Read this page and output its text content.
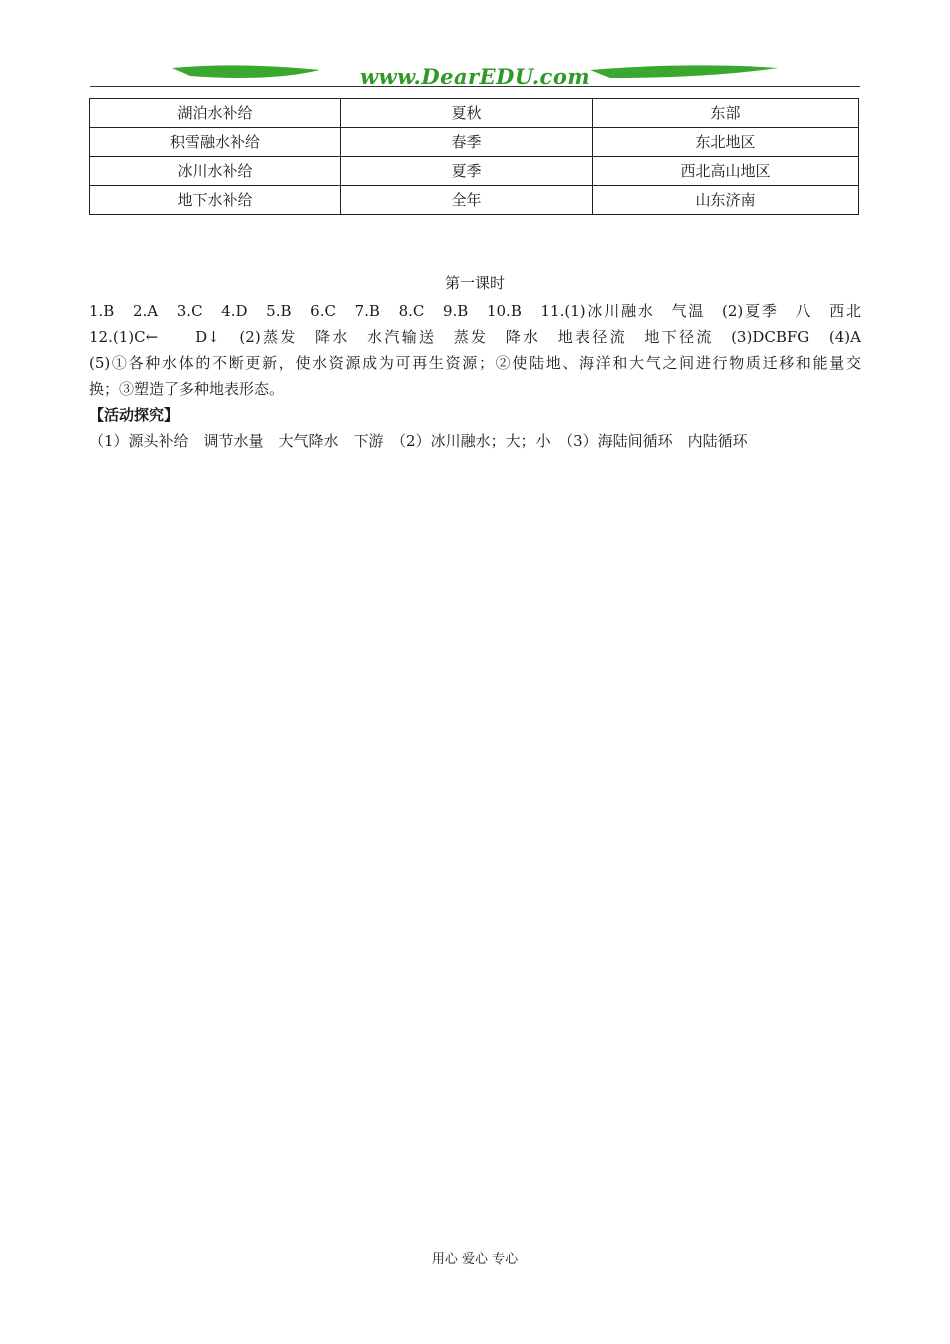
www.DearEDU.com
湖泊水补给	夏秋	东部
积雪融水补给	春季	东北地区
冰川水补给	夏季	西北高山地区
地下水补给	全年	山东济南
第一课时
1.B　2.A　3.C　4.D　5.B　6.C　7.B　8.C　9.B　10.B　11.(1)冰川融水　气温　(2)夏季　八　西北
12.(1)C←　　D↓　(2)蒸发　降水　水汽输送　蒸发　降水　地表径流　地下径流　(3)DCBFG　(4)A
(5)①各种水体的不断更新，使水资源成为可再生资源；②使陆地、海洋和大气之间进行物质迁移和能量交
换；③塑造了多种地表形态。
【活动探究】
（1）源头补给　调节水量　大气降水　下游　（2）冰川融水；大；小　（3）海陆间循环　内陆循环
用心 爱心 专心
